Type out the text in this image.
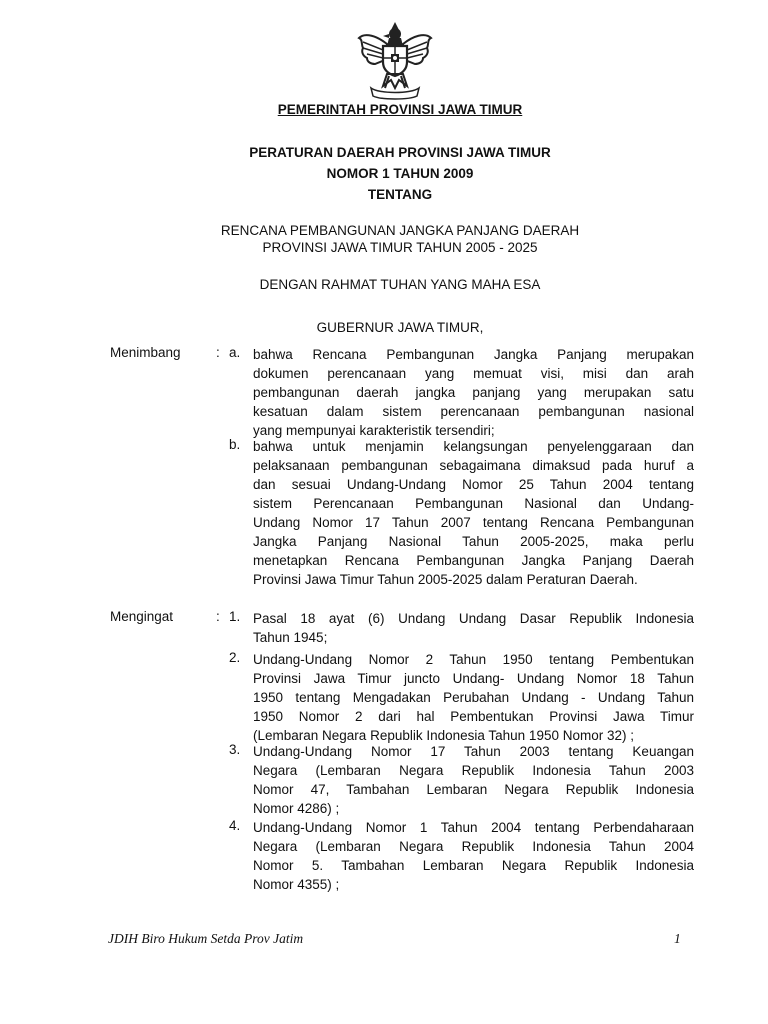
PEMERINTAH PROVINSI JAWA TIMUR
PERATURAN DAERAH PROVINSI JAWA TIMUR
NOMOR 1 TAHUN 2009
TENTANG
RENCANA PEMBANGUNAN JANGKA PANJANG DAERAH
PROVINSI JAWA TIMUR TAHUN 2005 - 2025
DENGAN RAHMAT TUHAN YANG MAHA ESA
GUBERNUR JAWA TIMUR,
Menimbang	: a. bahwa Rencana Pembangunan Jangka Panjang merupakan
dokumen perencanaan yang memuat visi, misi dan arah
pembangunan daerah jangka panjang yang merupakan satu
kesatuan dalam sistem perencanaan pembangunan nasional
yang mempunyai karakteristik tersendiri;
b. bahwa untuk menjamin kelangsungan penyelenggaraan dan
pelaksanaan pembangunan sebagaimana dimaksud pada huruf a
dan sesuai Undang-Undang Nomor 25 Tahun 2004 tentang
sistem Perencanaan Pembangunan Nasional dan Undang-
Undang Nomor 17 Tahun 2007 tentang Rencana Pembangunan
Jangka Panjang Nasional Tahun 2005-2025, maka perlu
menetapkan Rencana Pembangunan Jangka Panjang Daerah
Provinsi Jawa Timur Tahun 2005-2025 dalam Peraturan Daerah.
Mengingat	: 1. Pasal 18 ayat (6) Undang Undang Dasar Republik Indonesia
Tahun 1945;
2. Undang-Undang Nomor 2 Tahun 1950 tentang Pembentukan
Provinsi Jawa Timur juncto Undang- Undang Nomor 18 Tahun
1950 tentang Mengadakan Perubahan Undang - Undang Tahun
1950 Nomor 2 dari hal Pembentukan Provinsi Jawa Timur
(Lembaran Negara Republik Indonesia Tahun 1950 Nomor 32) ;
3. Undang-Undang Nomor 17 Tahun 2003 tentang Keuangan
Negara (Lembaran Negara Republik Indonesia Tahun 2003
Nomor 47, Tambahan Lembaran Negara Republik Indonesia
Nomor 4286) ;
4. Undang-Undang Nomor 1 Tahun 2004 tentang Perbendaharaan
Negara (Lembaran Negara Republik Indonesia Tahun 2004
Nomor 5. Tambahan Lembaran Negara Republik Indonesia
Nomor 4355) ;
JDIH Biro Hukum Setda Prov Jatim	1
